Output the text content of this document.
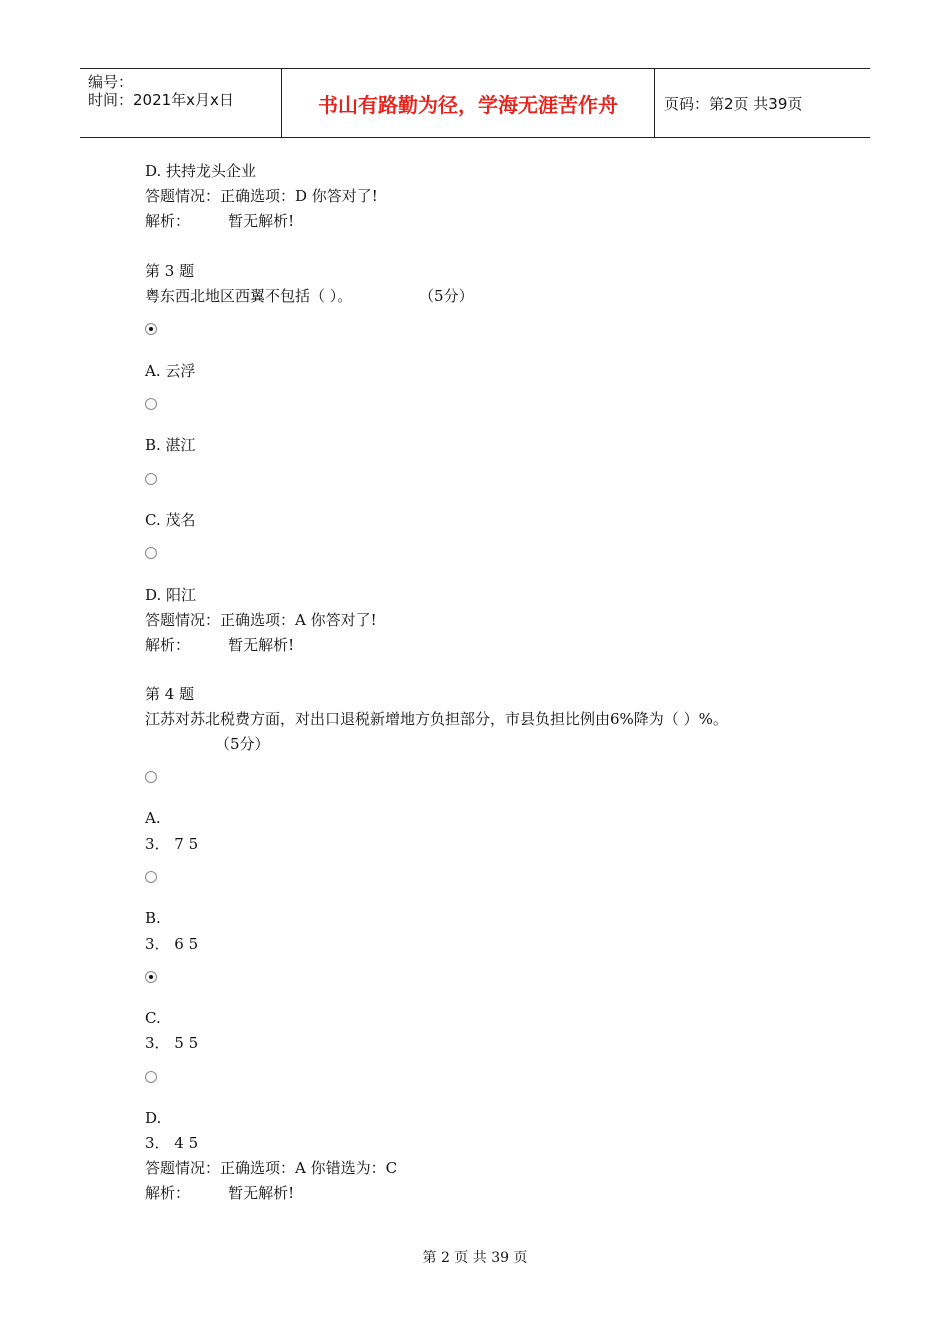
编号：
时间：2021年x月x日	书山有路勤为径，学海无涯苦作舟	页码：第2页 共39页
D. 扶持龙头企业
答题情况：正确选项：D 你答对了!
解析：        暂无解析!
第 3 题
粤东西北地区西翼不包括（ ）。              （5分）
A. 云浮
B. 湛江
C. 茂名
D. 阳江
答题情况：正确选项：A 你答对了!
解析：        暂无解析!
第 4 题
江苏对苏北税费方面，对出口退税新增地方负担部分，市县负担比例由6%降为（ ）%。
（5分）
A.
3． 7 5
B.
3． 6 5
C.
3． 5 5
D.
3． 4 5
答题情况：正确选项：A 你错选为：C
解析：        暂无解析!
第 2 页 共 39 页
